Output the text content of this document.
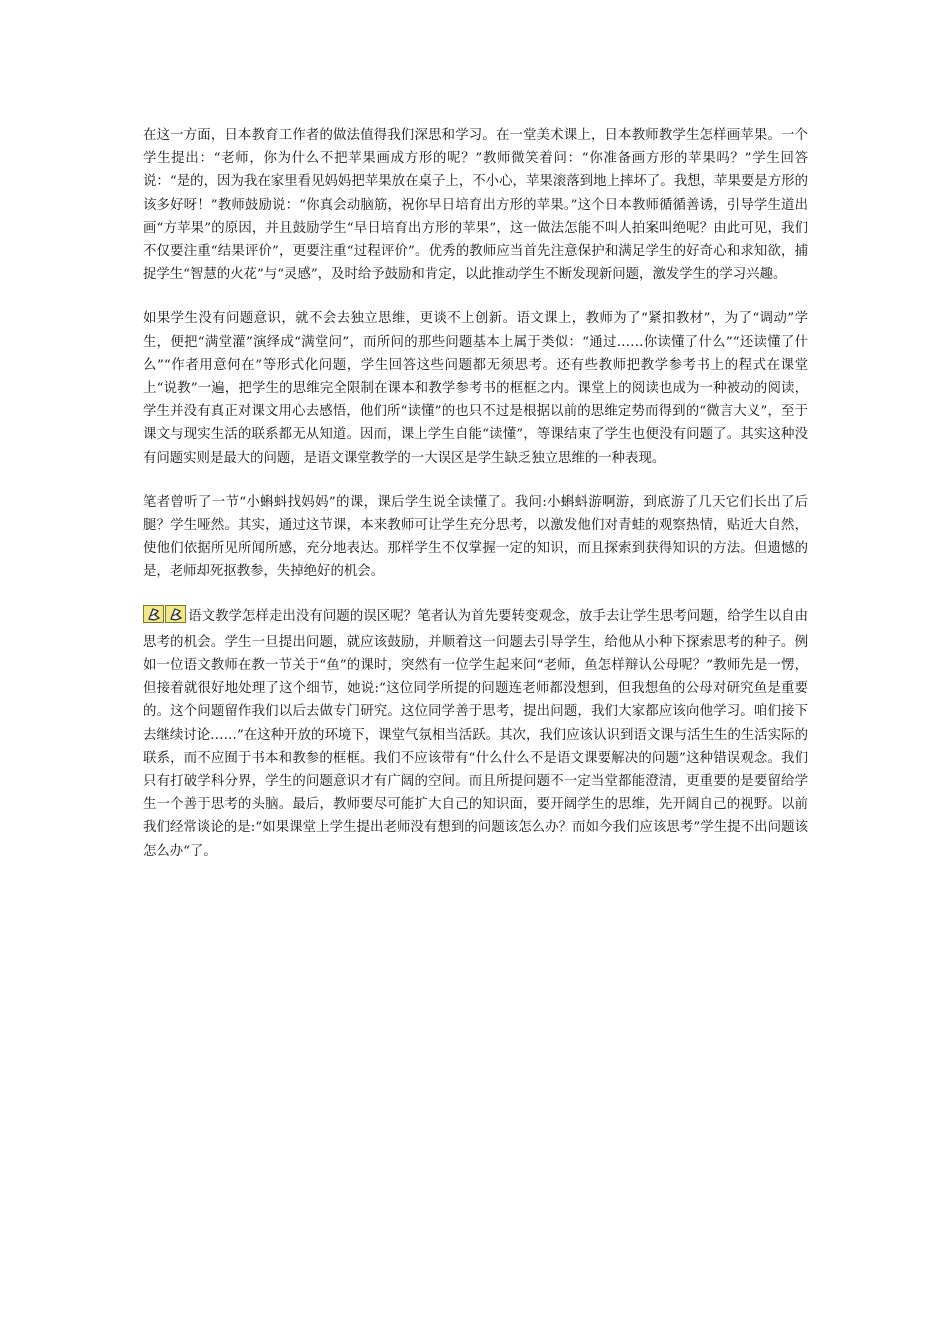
在这一方面，日本教育工作者的做法值得我们深思和学习。在一堂美术课上，日本教师教学生怎样画苹果。一个学生提出：“老师，你为什么不把苹果画成方形的呢？”教师微笑着问：“你准备画方形的苹果吗？”学生回答说：“是的，因为我在家里看见妈妈把苹果放在桌子上，不小心，苹果滚落到地上摔坏了。我想，苹果要是方形的该多好呀！”教师鼓励说：“你真会动脑筋，祝你早日培育出方形的苹果。”这个日本教师循循善诱，引导学生道出画“方苹果”的原因，并且鼓励学生“早日培育出方形的苹果”，这一做法怎能不叫人拍案叫绝呢？由此可见，我们不仅要注重“结果评价”，更要注重“过程评价”。优秀的教师应当首先注意保护和满足学生的好奇心和求知欲，捕捉学生“智慧的火花”与“灵感”，及时给予鼓励和肯定，以此推动学生不断发现新问题，激发学生的学习兴趣。

如果学生没有问题意识，就不会去独立思维，更谈不上创新。语文课上，教师为了“紧扣教材”，为了“调动”学生，便把“满堂灌”演绎成“满堂问”，而所问的那些问题基本上属于类似：“通过……你读懂了什么”“还读懂了什么”“作者用意何在”等形式化问题，学生回答这些问题都无须思考。还有些教师把教学参考书上的程式在课堂上“说教”一遍，把学生的思维完全限制在课本和教学参考书的框框之内。课堂上的阅读也成为一种被动的阅读，学生并没有真正对课文用心去感悟，他们所“读懂”的也只不过是根据以前的思维定势而得到的“微言大义”，至于课文与现实生活的联系都无从知道。因而，课上学生自能“读懂”，等课结束了学生也便没有问题了。其实这种没有问题实则是最大的问题，是语文课堂教学的一大误区是学生缺乏独立思维的一种表现。

笔者曾听了一节“小蝌蚪找妈妈”的课，课后学生说全读懂了。我问:小蝌蚪游啊游，到底游了几天它们长出了后腿？学生哑然。其实，通过这节课，本来教师可让学生充分思考，以激发他们对青蛙的观察热情，贴近大自然，使他们依据所见所闻所感，充分地表达。那样学生不仅掌握一定的知识，而且探索到获得知识的方法。但遗憾的是，老师却死抠教参，失掉绝好的机会。

语文教学怎样走出没有问题的误区呢？笔者认为首先要转变观念，放手去让学生思考问题，给学生以自由思考的机会。学生一旦提出问题，就应该鼓励，并顺着这一问题去引导学生，给他从小种下探索思考的种子。例如一位语文教师在教一节关于“鱼”的课时，突然有一位学生起来问“老师，鱼怎样辩认公母呢？”教师先是一愣，但接着就很好地处理了这个细节，她说:“这位同学所提的问题连老师都没想到，但我想鱼的公母对研究鱼是重要的。这个问题留作我们以后去做专门研究。这位同学善于思考，提出问题，我们大家都应该向他学习。咱们接下去继续讨论……”在这种开放的环境下，课堂气氛相当活跃。其次，我们应该认识到语文课与活生生的生活实际的联系，而不应囿于书本和教参的框框。我们不应该带有“什么什么不是语文课要解决的问题”这种错误观念。我们只有打破学科分界，学生的问题意识才有广阔的空间。而且所提问题不一定当堂都能澄清，更重要的是要留给学生一个善于思考的头脑。最后，教师要尽可能扩大自己的知识面，要开阔学生的思维，先开阔自己的视野。以前我们经常谈论的是:“如果课堂上学生提出老师没有想到的问题该怎么办？而如今我们应该思考”学生提不出问题该怎么办“了。
